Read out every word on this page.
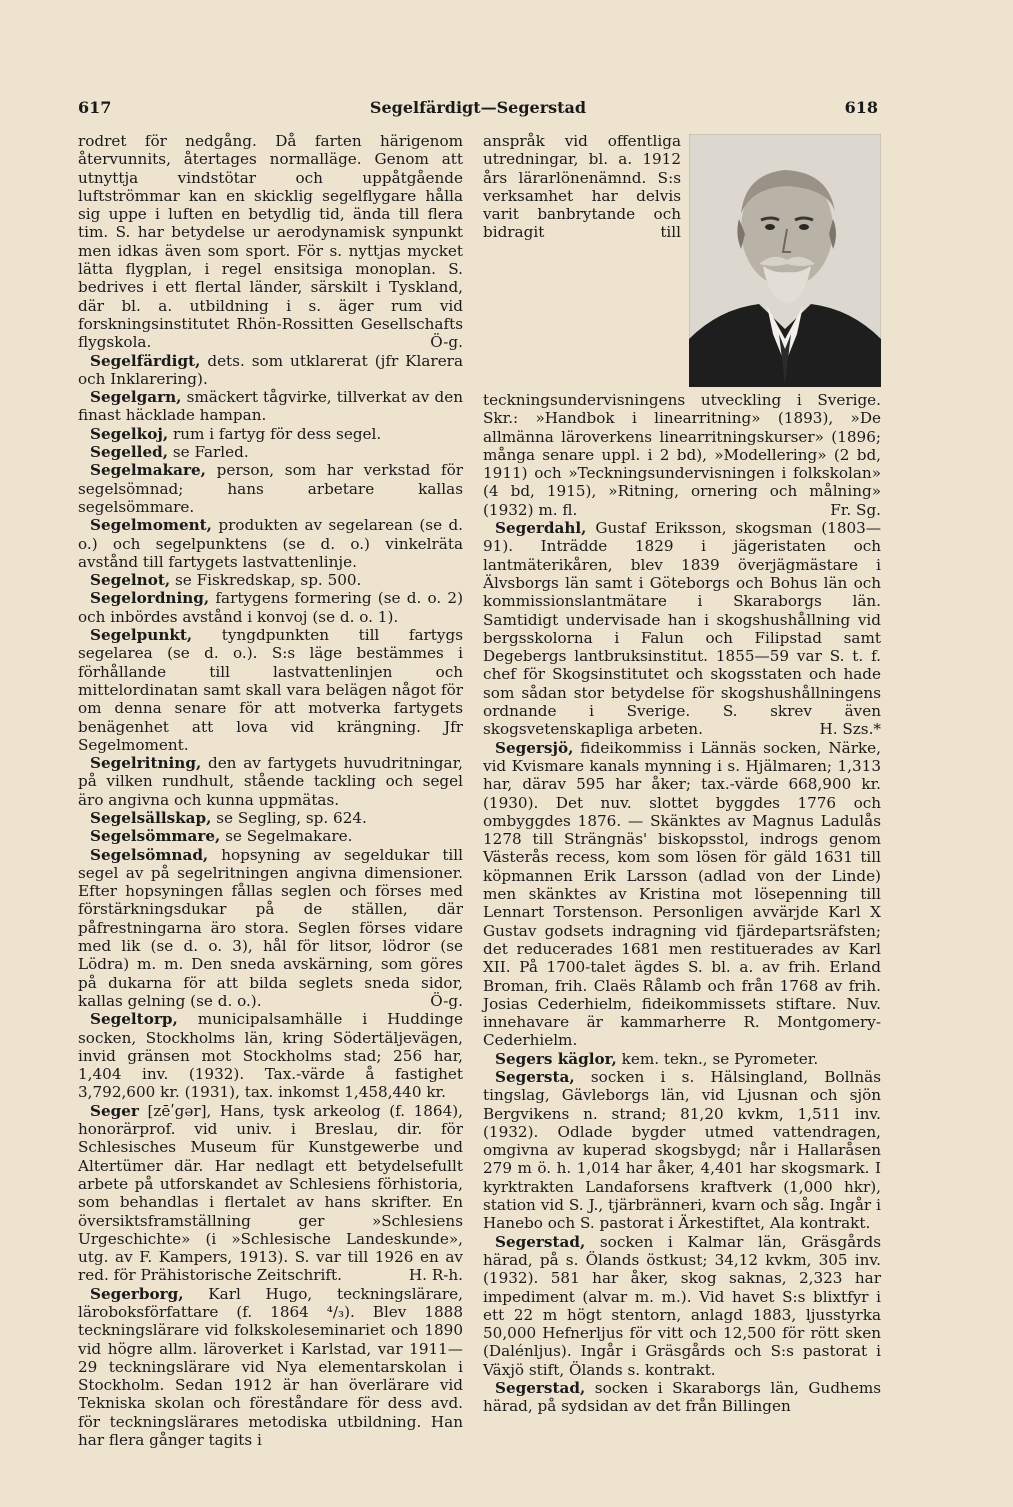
617	Segelfärdigt—Segerstad	618

rodret för nedgång. Då farten härigenom återvunnits, återtages normalläge. Genom att utnyttja vindstötar och uppåtgående luftströmmar kan en skicklig segelflygare hålla sig uppe i luften en betydlig tid, ända till flera tim. S. har betydelse ur aerodynamisk synpunkt men idkas även som sport. För s. nyttjas mycket lätta flygplan, i regel ensitsiga monoplan. S. bedrives i ett flertal länder, särskilt i Tyskland, där bl. a. utbildning i s. äger rum vid forskningsinstitutet Rhön-Rossitten Gesellschafts flygskola.	Ö-g.

Segelfärdigt, dets. som utklarerat (jfr Klarera och Inklarering).

Segelgarn, smäckert tågvirke, tillverkat av den finast häcklade hampan.

Segelkoj, rum i fartyg för dess segel.

Segelled, se Farled.

Segelmakare, person, som har verkstad för segelsömnad; hans arbetare kallas segelsömmare.

Segelmoment, produkten av segelarean (se d. o.) och segelpunktens (se d. o.) vinkelräta avstånd till fartygets lastvattenlinje.

Segelnot, se Fiskredskap, sp. 500.

Segelordning, fartygens formering (se d. o. 2) och inbördes avstånd i konvoj (se d. o. 1).

Segelpunkt, tyngdpunkten till fartygs segelarea (se d. o.). S:s läge bestämmes i förhållande till lastvattenlinjen och mittelordinatan samt skall vara belägen något för om denna senare för att motverka fartygets benägenhet att lova vid krängning. Jfr Segelmoment.

Segelritning, den av fartygets huvudritningar, på vilken rundhult, stående tackling och segel äro angivna och kunna uppmätas.

Segelsällskap, se Segling, sp. 624.

Segelsömmare, se Segelmakare.

Segelsömnad, hopsyning av segeldukar till segel av på segelritningen angivna dimensioner. Efter hopsyningen fållas seglen och förses med förstärkningsdukar på de ställen, där påfrestningarna äro stora. Seglen förses vidare med lik (se d. o. 3), hål för litsor, lödror (se Lödra) m. m. Den sneda avskärning, som göres på dukarna för att bilda seglets sneda sidor, kallas gelning (se d. o.).	Ö-g.

Segeltorp, municipalsamhälle i Huddinge socken, Stockholms län, kring Södertäljevägen, invid gränsen mot Stockholms stad; 256 har, 1,404 inv. (1932). Tax.-värde å fastighet 3,792,600 kr. (1931), tax. inkomst 1,458,440 kr.

Seger [zēʹgər], Hans, tysk arkeolog (f. 1864), honorärprof. vid univ. i Breslau, dir. för Schlesisches Museum für Kunstgewerbe und Altertümer där. Har nedlagt ett betydelsefullt arbete på utforskandet av Schlesiens förhistoria, som behandlas i flertalet av hans skrifter. En översiktsframställning ger »Schlesiens Urgeschichte» (i »Schlesische Landeskunde», utg. av F. Kampers, 1913). S. var till 1926 en av red. för Prähistorische Zeitschrift.	H. R-h.

Segerborg, Karl Hugo, teckningslärare, läroboksförfattare (f. 1864 ⁴/₃). Blev 1888 teckningslärare vid folkskoleseminariet och 1890 vid högre allm. läroverket i Karlstad, var 1911—29 teckningslärare vid Nya elementarskolan i Stockholm. Sedan 1912 är han överlärare vid Tekniska skolan och föreståndare för dess avd. för teckningslärares metodiska utbildning. Han har flera gånger tagits i

anspråk vid offentliga utredningar, bl. a. 1912 års lärarlönenämnd. S:s verksamhet har delvis varit banbrytande och bidragit till teckningsundervisningens utveckling i Sverige. Skr.: »Handbok i linearritning» (1893), »De allmänna läroverkens linearritningskurser» (1896; många senare uppl. i 2 bd), »Modellering» (2 bd, 1911) och »Teckningsundervisningen i folkskolan» (4 bd, 1915), »Ritning, ornering och målning» (1932) m. fl.	Fr. Sg.

Segerdahl, Gustaf Eriksson, skogsman (1803—91). Inträdde 1829 i jägeristaten och lantmäterikåren, blev 1839 överjägmästare i Älvsborgs län samt i Göteborgs och Bohus län och kommissionslantmätare i Skaraborgs län. Samtidigt undervisade han i skogshushållning vid bergsskolorna i Falun och Filipstad samt Degebergs lantbruksinstitut. 1855—59 var S. t. f. chef för Skogsinstitutet och skogsstaten och hade som sådan stor betydelse för skogshushållningens ordnande i Sverige. S. skrev även skogsvetenskapliga arbeten.	H. Szs.*

Segersjö, fideikommiss i Lännäs socken, Närke, vid Kvismare kanals mynning i s. Hjälmaren; 1,313 har, därav 595 har åker; tax.-värde 668,900 kr. (1930). Det nuv. slottet byggdes 1776 och ombyggdes 1876. — Skänktes av Magnus Ladulås 1278 till Strängnäs' biskopsstol, indrogs genom Västerås recess, kom som lösen för gäld 1631 till köpmannen Erik Larsson (adlad von der Linde) men skänktes av Kristina mot lösepenning till Lennart Torstenson. Personligen avvärjde Karl X Gustav godsets indragning vid fjärdepartsräfsten; det reducerades 1681 men restituerades av Karl XII. På 1700-talet ägdes S. bl. a. av frih. Erland Broman, frih. Claës Rålamb och från 1768 av frih. Josias Cederhielm, fideikommissets stiftare. Nuv. innehavare är kammarherre R. Montgomery-Cederhielm.

Segers käglor, kem. tekn., se Pyrometer.

Segersta, socken i s. Hälsingland, Bollnäs tingslag, Gävleborgs län, vid Ljusnan och sjön Bergvikens n. strand; 81,20 kvkm, 1,511 inv. (1932). Odlade bygder utmed vattendragen, omgivna av kuperad skogsbygd; når i Hallaråsen 279 m ö. h. 1,014 har åker, 4,401 har skogsmark. I kyrktrakten Landaforsens kraftverk (1,000 hkr), station vid S. J., tjärbränneri, kvarn och såg. Ingår i Hanebo och S. pastorat i Ärkestiftet, Ala kontrakt.

Segerstad, socken i Kalmar län, Gräsgårds härad, på s. Ölands östkust; 34,12 kvkm, 305 inv. (1932). 581 har åker, skog saknas, 2,323 har impediment (alvar m. m.). Vid havet S:s blixtfyr i ett 22 m högt stentorn, anlagd 1883, ljusstyrka 50,000 Hefnerljus för vitt och 12,500 för rött sken (Dalénljus). Ingår i Gräsgårds och S:s pastorat i Växjö stift, Ölands s. kontrakt.

Segerstad, socken i Skaraborgs län, Gudhems härad, på sydsidan av det från Billingen
